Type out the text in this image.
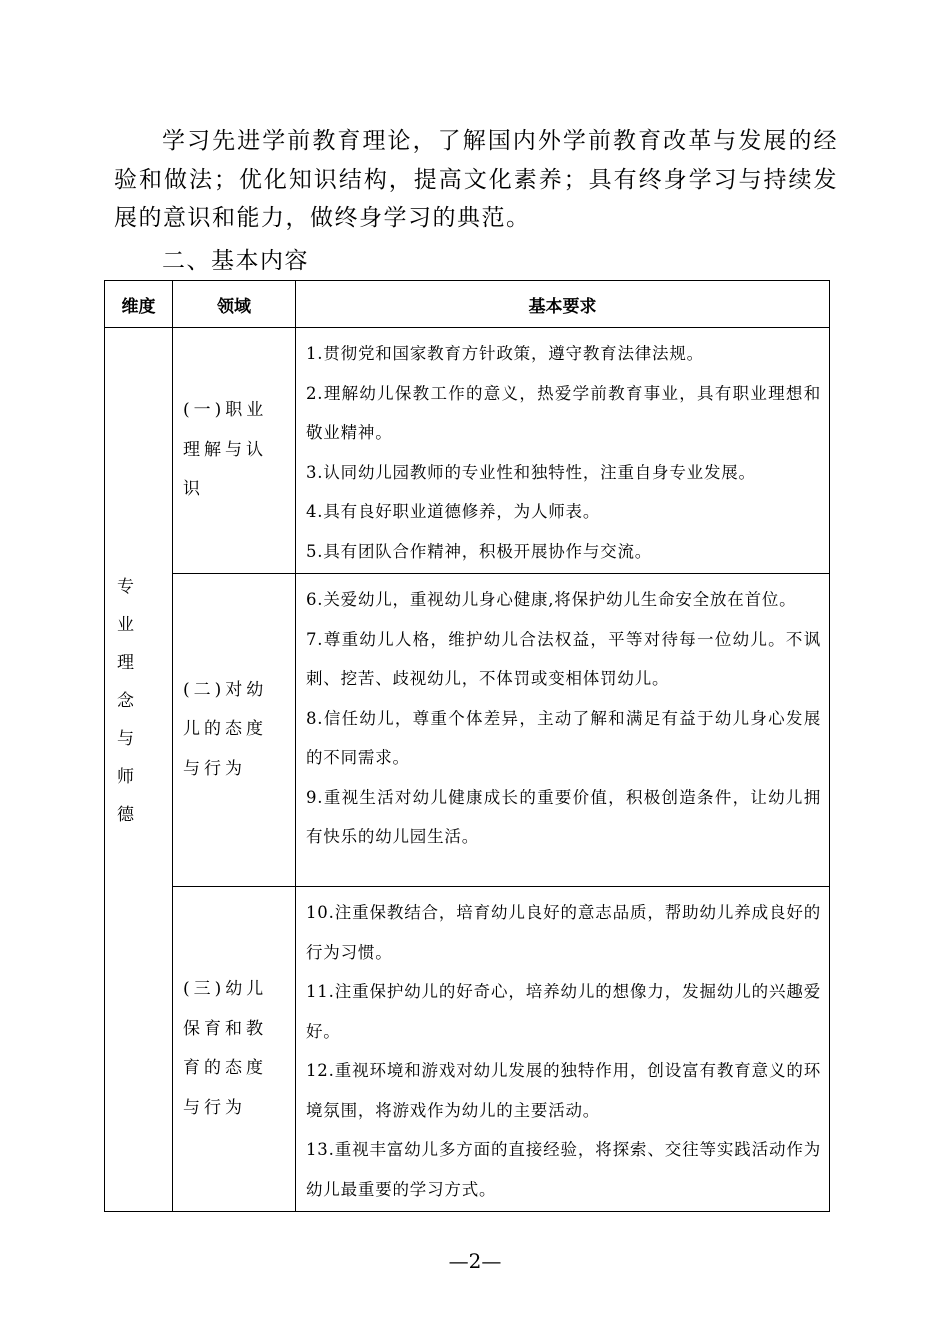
学习先进学前教育理论，了解国内外学前教育改革与发展的经验和做法；优化知识结构，提高文化素养；具有终身学习与持续发展的意识和能力，做终身学习的典范。

二、基本内容

维度	领域	基本要求

专业理念与师德	(一)职业理解与认识	1.贯彻党和国家教育方针政策，遵守教育法律法规。

2.理解幼儿保教工作的意义，热爱学前教育事业，具有职业理想和敬业精神。

3.认同幼儿园教师的专业性和独特性，注重自身专业发展。

4.具有良好职业道德修养，为人师表。

5.具有团队合作精神，积极开展协作与交流。

	(二)对幼儿的态度与行为	6.关爱幼儿，重视幼儿身心健康,将保护幼儿生命安全放在首位。

7.尊重幼儿人格，维护幼儿合法权益，平等对待每一位幼儿。不讽刺、挖苦、歧视幼儿，不体罚或变相体罚幼儿。

8.信任幼儿，尊重个体差异，主动了解和满足有益于幼儿身心发展的不同需求。

9.重视生活对幼儿健康成长的重要价值，积极创造条件，让幼儿拥有快乐的幼儿园生活。

	(三)幼儿保育和教育的态度与行为	10.注重保教结合，培育幼儿良好的意志品质，帮助幼儿养成良好的行为习惯。

11.注重保护幼儿的好奇心，培养幼儿的想像力，发掘幼儿的兴趣爱好。

12.重视环境和游戏对幼儿发展的独特作用，创设富有教育意义的环境氛围，将游戏作为幼儿的主要活动。

13.重视丰富幼儿多方面的直接经验，将探索、交往等实践活动作为幼儿最重要的学习方式。

—2—
